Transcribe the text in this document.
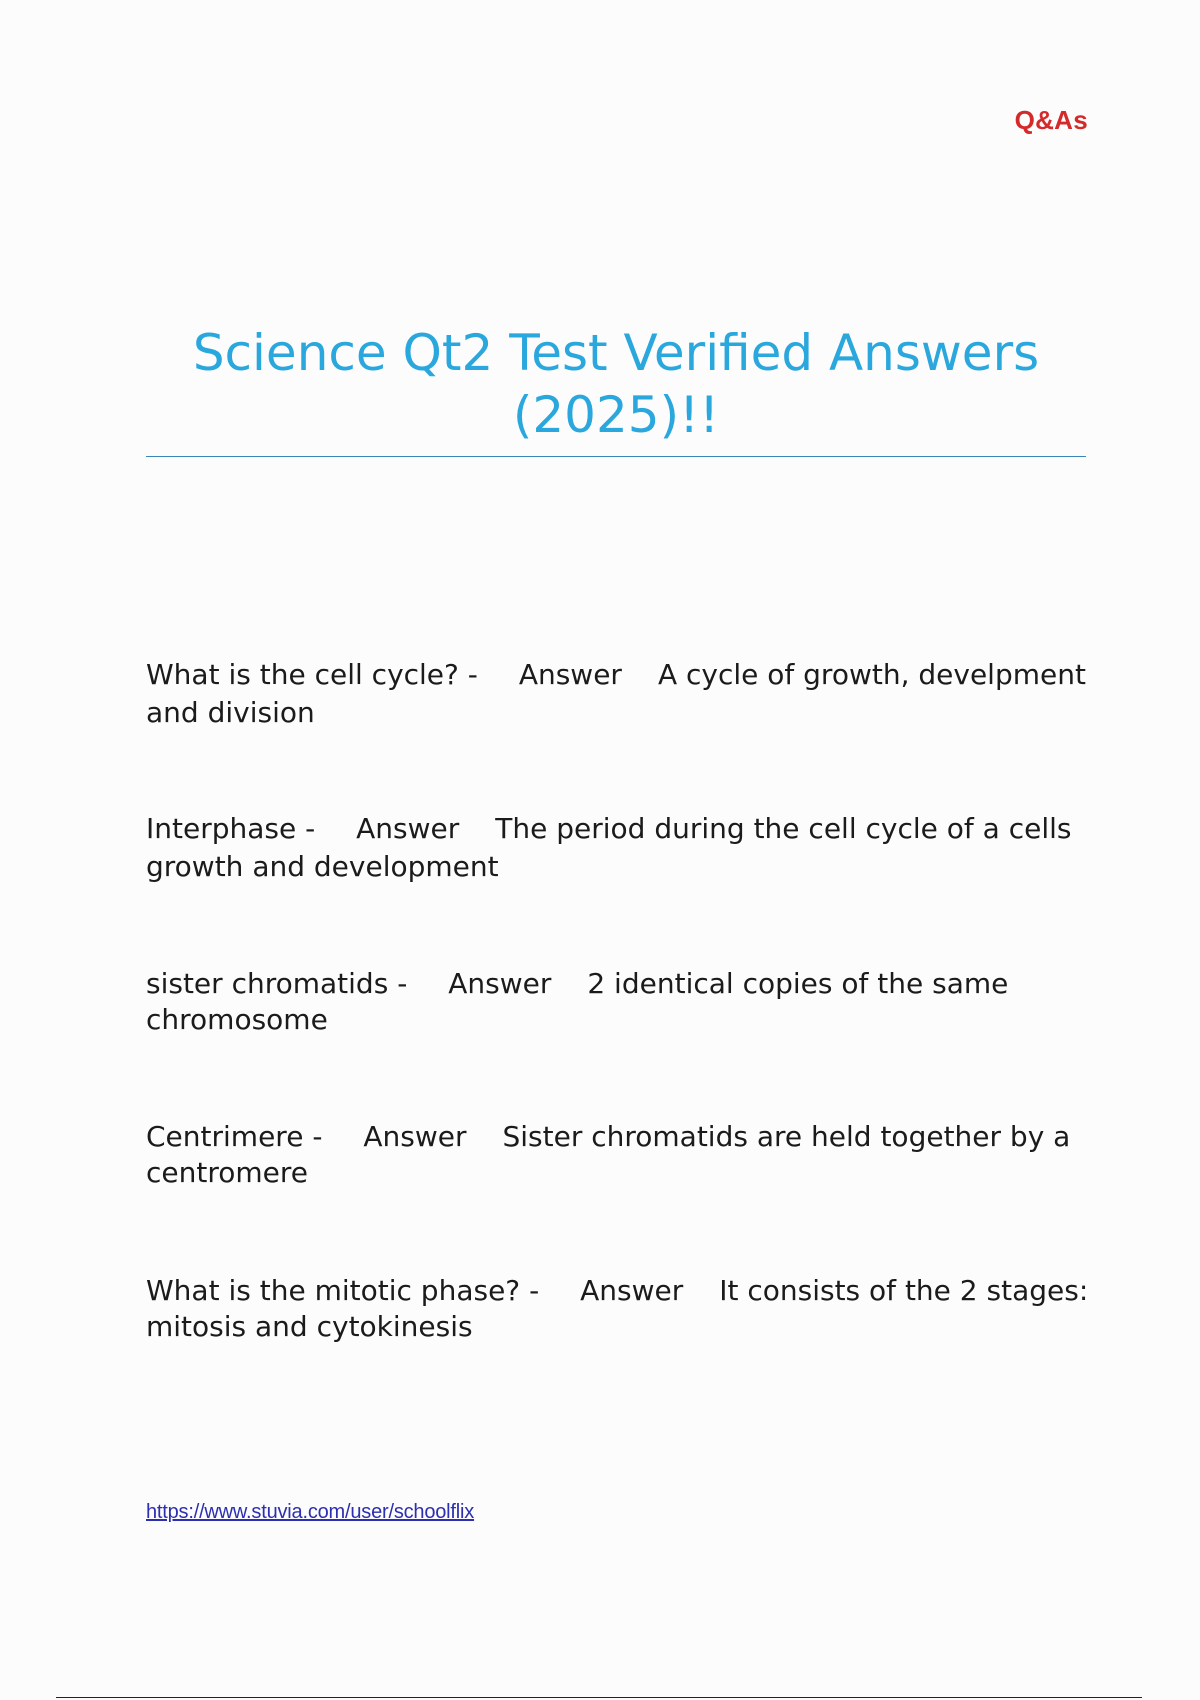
Q&As
Science Qt2 Test Verified Answers
(2025)!!

What is the cell cycle? - Answer A cycle of growth, develpment and division

Interphase - Answer The period during the cell cycle of a cells growth and development

sister chromatids - Answer 2 identical copies of the same chromosome

Centrimere - Answer Sister chromatids are held together by a centromere

What is the mitotic phase? - Answer It consists of the 2 stages: mitosis and cytokinesis

https://www.stuvia.com/user/schoolflix
